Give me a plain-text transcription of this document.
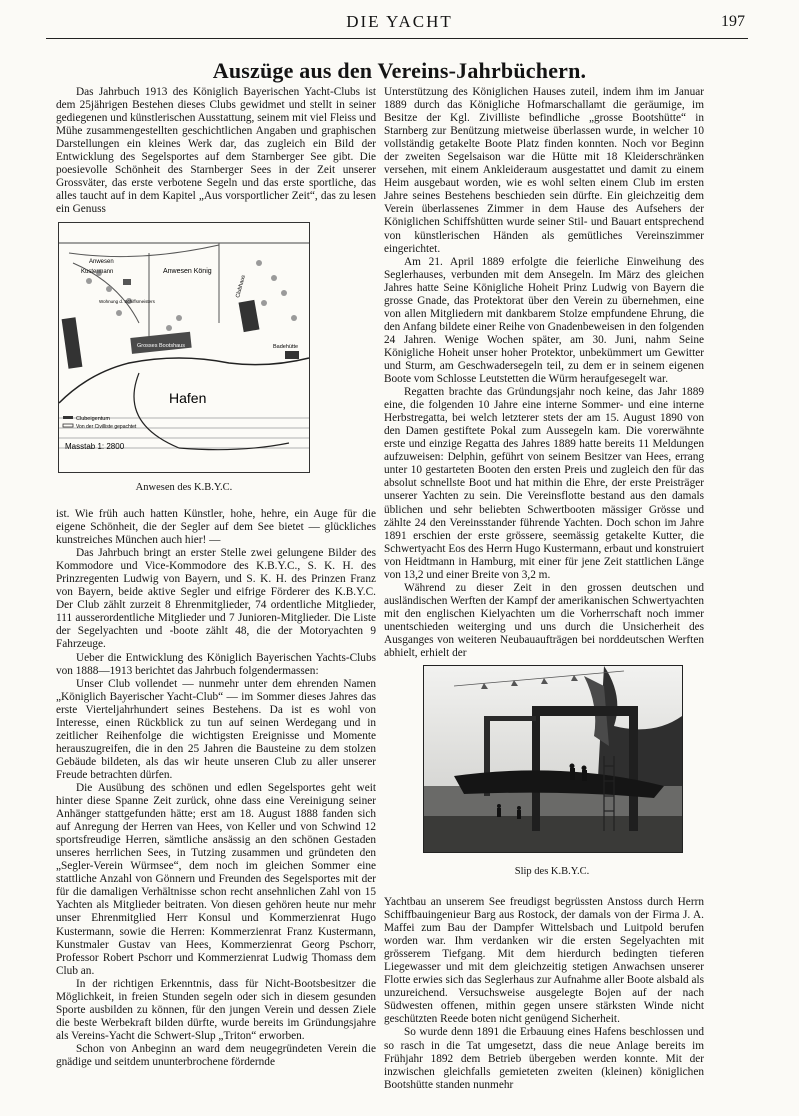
DIE YACHT	197
Auszüge aus den Vereins-Jahrbüchern.

Das Jahrbuch 1913 des Königlich Bayerischen Yacht-Clubs ist dem 25jährigen Bestehen dieses Clubs gewidmet und stellt in seiner gediegenen und künstlerischen Ausstattung, seinem mit viel Fleiss und Mühe zusammengestellten geschichtlichen Angaben und graphischen Darstellungen ein kleines Werk dar, das zugleich ein Bild der Entwicklung des Segelsportes auf dem Starnberger See gibt. Die poesievolle Schönheit des Starnberger Sees in der Zeit unserer Grossväter, das erste verbotene Segeln und das erste sportliche, das alles taucht auf in dem Kapitel „Aus vorsportlicher Zeit“, das zu lesen ein Genuss

Anwesen
Kustermann	Anwesen König
Clubhaus
Grosses Bootshaus
Wohnung d. Schiffsmeisters
Badehütte
Hafen
Clubeigentum
Von der Civilliste gepachtet
Masstab 1: 2800
Anwesen des K.B.Y.C.

ist. Wie früh auch hatten Künstler, hohe, hehre, ein Auge für die eigene Schönheit, die der Segler auf dem See bietet — glückliches kunstreiches München auch hier! —

Das Jahrbuch bringt an erster Stelle zwei gelungene Bilder des Kommodore und Vice-Kommodore des K.B.Y.C., S. K. H. des Prinzregenten Ludwig von Bayern, und S. K. H. des Prinzen Franz von Bayern, beide aktive Segler und eifrige Förderer des K.B.Y.C. Der Club zählt zurzeit 8 Ehrenmitglieder, 74 ordentliche Mitglieder, 111 ausserordentliche Mitglieder und 7 Junioren-Mitglieder. Die Liste der Segelyachten und -boote zählt 48, die der Motoryachten 9 Fahrzeuge.

Ueber die Entwicklung des Königlich Bayerischen Yachts-Clubs von 1888—1913 berichtet das Jahrbuch folgendermassen:

Unser Club vollendet — nunmehr unter dem ehrenden Namen „Königlich Bayerischer Yacht-Club“ — im Sommer dieses Jahres das erste Vierteljahrhundert seines Bestehens. Da ist es wohl von Interesse, einen Rückblick zu tun auf seinen Werdegang und in zeitlicher Reihenfolge die wichtigsten Ereignisse und Momente herauszugreifen, die in den 25 Jahren die Bausteine zu dem stolzen Gebäude bildeten, als das wir heute unseren Club zu aller unserer Freude betrachten dürfen.

Die Ausübung des schönen und edlen Segelsportes geht weit hinter diese Spanne Zeit zurück, ohne dass eine Vereinigung seiner Anhänger stattgefunden hätte; erst am 18. August 1888 fanden sich auf Anregung der Herren van Hees, von Keller und von Schwind 12 sportsfreudige Herren, sämtliche ansässig an den schönen Gestaden unseres herrlichen Sees, in Tutzing zusammen und gründeten den „Segler-Verein Würmsee“, dem noch im gleichen Sommer eine stattliche Anzahl von Gönnern und Freunden des Segelsportes mit der für die damaligen Verhältnisse schon recht ansehnlichen Zahl von 15 Yachten als Mitglieder beitraten. Von diesen gehören heute nur mehr unser Ehrenmitglied Herr Konsul und Kommerzienrat Hugo Kustermann, sowie die Herren: Kommerzienrat Franz Kustermann, Kunstmaler Gustav van Hees, Kommerzienrat Georg Pschorr, Professor Robert Pschorr und Kommerzienrat Ludwig Thomass dem Club an.

In der richtigen Erkenntnis, dass für Nicht-Bootsbesitzer die Möglichkeit, in freien Stunden segeln oder sich in diesem gesunden Sporte ausbilden zu können, für den jungen Verein und dessen Ziele die beste Werbekraft bilden dürfte, wurde bereits im Gründungsjahre als Vereins-Yacht die Schwert-Slup „Triton“ erworben.

Schon von Anbeginn an ward dem neugegründeten Verein die gnädige und seitdem ununterbrochene fördernde

Unterstützung des Königlichen Hauses zuteil, indem ihm im Januar 1889 durch das Königliche Hofmarschallamt die geräumige, im Besitze der Kgl. Zivilliste befindliche „grosse Bootshütte“ in Starnberg zur Benützung mietweise überlassen wurde, in welcher 10 vollständig getakelte Boote Platz finden konnten. Noch vor Beginn der zweiten Segelsaison war die Hütte mit 18 Kleiderschränken versehen, mit einem Ankleideraum ausgestattet und damit zu einem Heim ausgebaut worden, wie es wohl selten einem Club im ersten Jahre seines Bestehens beschieden sein dürfte. Ein gleichzeitig dem Verein überlassenes Zimmer in dem Hause des Aufsehers der Königlichen Schiffshütten wurde seiner Stil- und Bauart entsprechend von künstlerischen Händen als gemütliches Vereinszimmer eingerichtet.

Am 21. April 1889 erfolgte die feierliche Einweihung des Seglerhauses, verbunden mit dem Ansegeln. Im März des gleichen Jahres hatte Seine Königliche Hoheit Prinz Ludwig von Bayern die grosse Gnade, das Protektorat über den Verein zu übernehmen, eine von allen Mitgliedern mit dankbarem Stolze empfundene Ehrung, die den Anfang bildete einer Reihe von Gnadenbeweisen in den folgenden 24 Jahren. Wenige Wochen später, am 30. Juni, nahm Seine Königliche Hoheit unser hoher Protektor, unbekümmert um Gewitter und Sturm, am Geschwadersegeln teil, zu dem er in seinem eigenen Boote vom Schlosse Leutstetten die Würm heraufgesegelt war.

Regatten brachte das Gründungsjahr noch keine, das Jahr 1889 eine, die folgenden 10 Jahre eine interne Sommer- und eine interne Herbstregatta, bei welch letzterer stets der am 15. August 1890 von den Damen gestiftete Pokal zum Aussegeln kam. Die vorerwähnte erste und einzige Regatta des Jahres 1889 hatte bereits 11 Meldungen aufzuweisen: Delphin, geführt von seinem Besitzer van Hees, errang unter 10 gestarteten Booten den ersten Preis und zugleich den für das absolut schnellste Boot und hat mithin die Ehre, der erste Preisträger unserer Yachten zu sein. Die Vereinsflotte bestand aus den damals üblichen und sehr beliebten Schwertbooten mässiger Grösse und zählte 24 den Vereinsstander führende Yachten. Doch schon im Jahre 1891 erschien der erste grössere, seemässig getakelte Kutter, die Schwertyacht Eos des Herrn Hugo Kustermann, erbaut und konstruiert von Heidtmann in Hamburg, mit einer für jene Zeit stattlichen Länge von 13,2 und einer Breite von 3,2 m.

Während zu dieser Zeit in den grossen deutschen und ausländischen Werften der Kampf der amerikanischen Schwertyachten mit den englischen Kielyachten um die Vorherrschaft noch immer unentschieden weiterging und uns durch die Unsicherheit des Ausganges von weiteren Neubauaufträgen bei norddeutschen Werften abhielt, erhielt der

Slip des K.B.Y.C.

Yachtbau an unserem See freudigst begrüssten Anstoss durch Herrn Schiffbauingenieur Barg aus Rostock, der damals von der Firma J. A. Maffei zum Bau der Dampfer Wittelsbach und Luitpold berufen worden war. Ihm verdanken wir die ersten Segelyachten mit grösserem Tiefgang. Mit dem hierdurch bedingten tieferen Liegewasser und mit dem gleichzeitig stetigen Anwachsen unserer Flotte erwies sich das Seglerhaus zur Aufnahme aller Boote alsbald als unzureichend. Versuchsweise ausgelegte Bojen auf der nach Südwesten offenen, mithin gegen unsere stärksten Winde nicht geschützten Reede boten nicht genügend Sicherheit.

So wurde denn 1891 die Erbauung eines Hafens beschlossen und so rasch in die Tat umgesetzt, dass die neue Anlage bereits im Frühjahr 1892 dem Betrieb übergeben werden konnte. Mit der inzwischen gleichfalls gemieteten zweiten (kleinen) königlichen Bootshütte standen nunmehr
